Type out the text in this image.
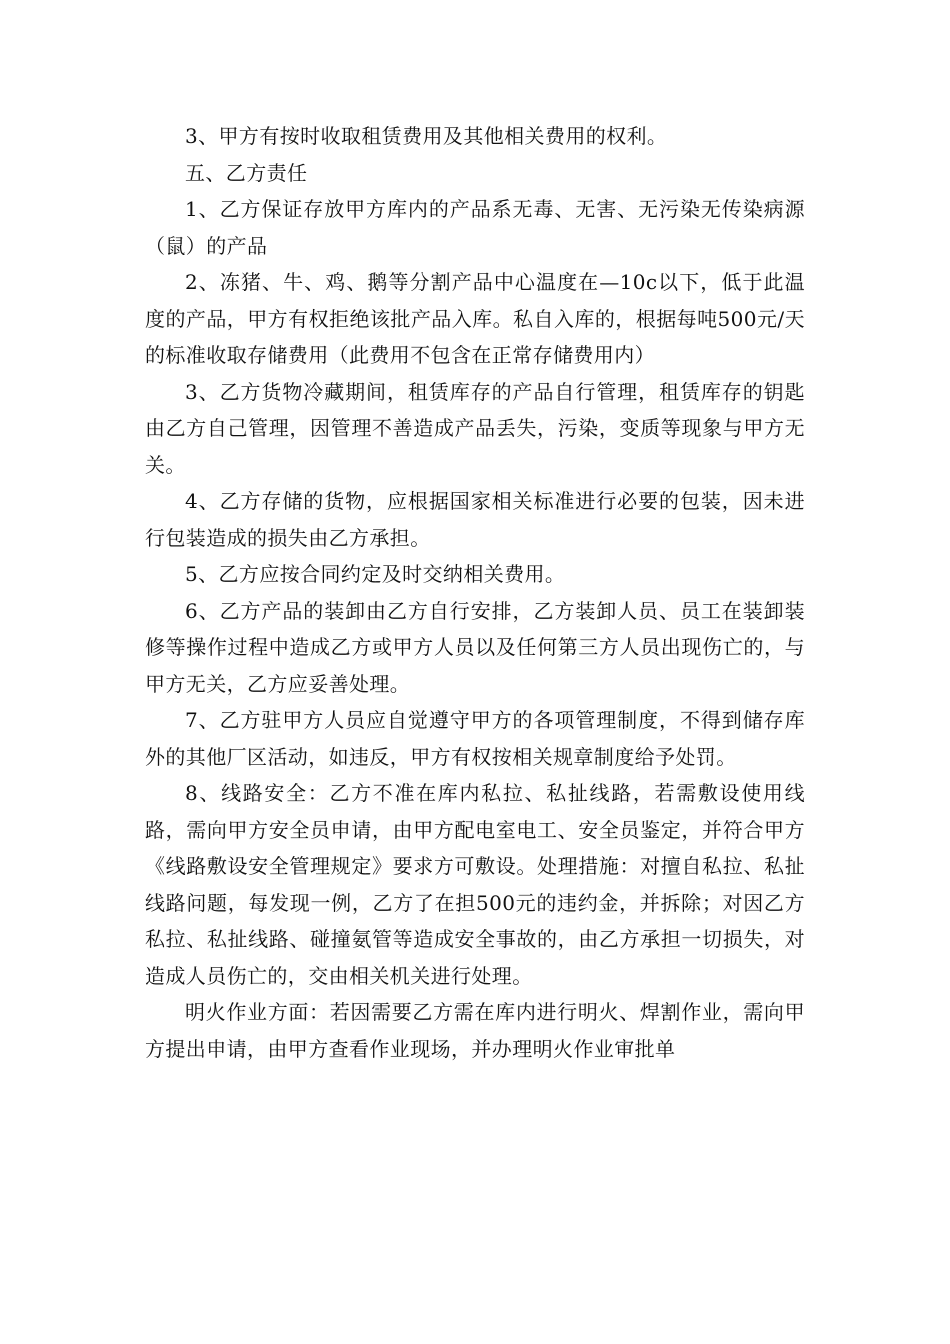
3、甲方有按时收取租赁费用及其他相关费用的权利。

五、乙方责任

1、乙方保证存放甲方库内的产品系无毒、无害、无污染无传染病源（鼠）的产品

2、冻猪、牛、鸡、鹅等分割产品中心温度在—10c以下，低于此温度的产品，甲方有权拒绝该批产品入库。私自入库的，根据每吨500元/天的标准收取存储费用（此费用不包含在正常存储费用内）

3、乙方货物冷藏期间，租赁库存的产品自行管理，租赁库存的钥匙由乙方自己管理，因管理不善造成产品丢失，污染，变质等现象与甲方无关。

4、乙方存储的货物，应根据国家相关标准进行必要的包装，因未进行包装造成的损失由乙方承担。

5、乙方应按合同约定及时交纳相关费用。

6、乙方产品的装卸由乙方自行安排，乙方装卸人员、员工在装卸装修等操作过程中造成乙方或甲方人员以及任何第三方人员出现伤亡的，与甲方无关，乙方应妥善处理。

7、乙方驻甲方人员应自觉遵守甲方的各项管理制度，不得到储存库外的其他厂区活动，如违反，甲方有权按相关规章制度给予处罚。

8、线路安全：乙方不准在库内私拉、私扯线路，若需敷设使用线路，需向甲方安全员申请，由甲方配电室电工、安全员鉴定，并符合甲方《线路敷设安全管理规定》要求方可敷设。处理措施：对擅自私拉、私扯线路问题，每发现一例，乙方了在担500元的违约金，并拆除；对因乙方私拉、私扯线路、碰撞氨管等造成安全事故的，由乙方承担一切损失，对造成人员伤亡的，交由相关机关进行处理。

明火作业方面：若因需要乙方需在库内进行明火、焊割作业，需向甲方提出申请，由甲方查看作业现场，并办理明火作业审批单
